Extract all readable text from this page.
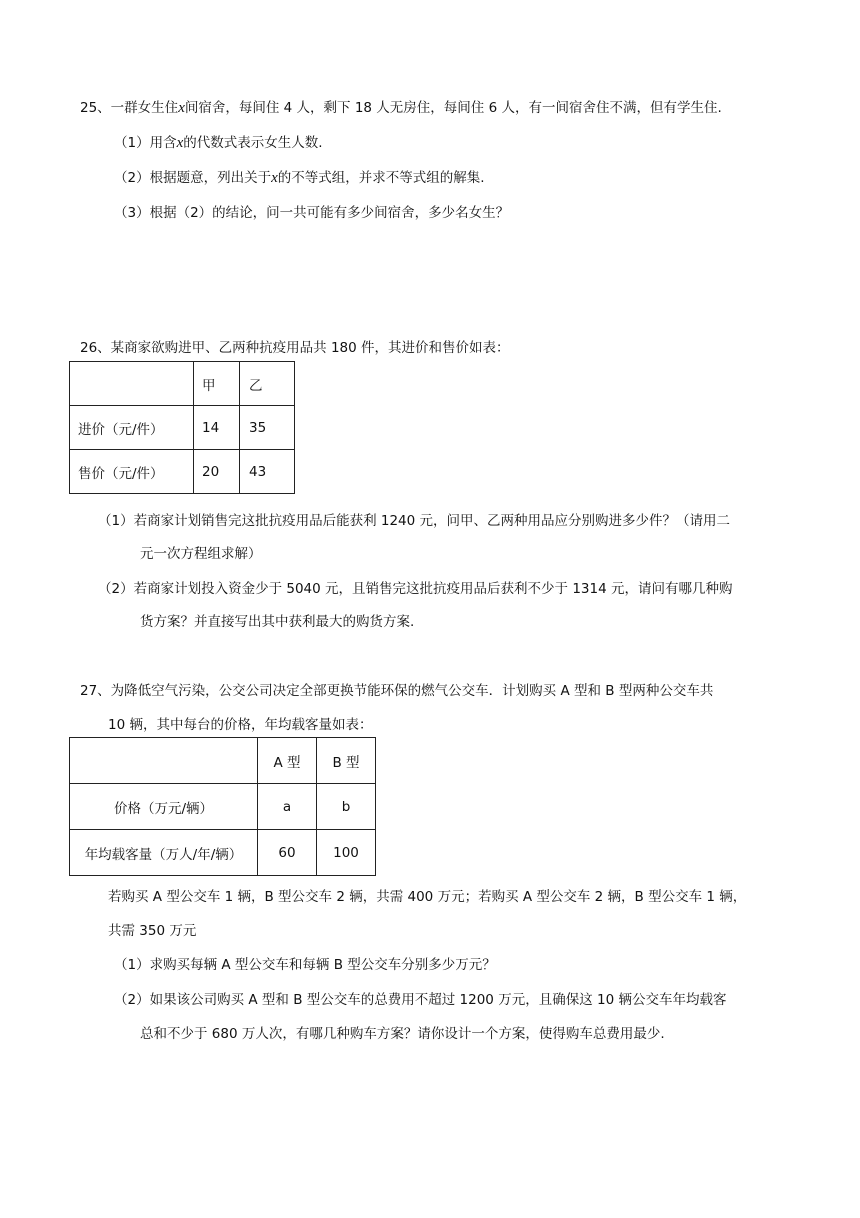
25、一群女生住x间宿舍，每间住 4 人，剩下 18 人无房住，每间住 6 人，有一间宿舍住不满，但有学生住.
（1）用含x的代数式表示女生人数.
（2）根据题意，列出关于x的不等式组，并求不等式组的解集.
（3）根据（2）的结论，问一共可能有多少间宿舍，多少名女生？
26、某商家欲购进甲、乙两种抗疫用品共 180 件，其进价和售价如表：
	甲	乙
进价（元/件）	14	35
售价（元/件）	20	43
（1）若商家计划销售完这批抗疫用品后能获利 1240 元，问甲、乙两种用品应分别购进多少件？（请用二
元一次方程组求解）
（2）若商家计划投入资金少于 5040 元，且销售完这批抗疫用品后获利不少于 1314 元，请问有哪几种购
货方案？并直接写出其中获利最大的购货方案.
27、为降低空气污染，公交公司决定全部更换节能环保的燃气公交车．计划购买 A 型和 B 型两种公交车共
10 辆，其中每台的价格，年均载客量如表：
	A 型	B 型
价格（万元/辆）	a	b
年均载客量（万人/年/辆）	60	100
若购买 A 型公交车 1 辆，B 型公交车 2 辆，共需 400 万元；若购买 A 型公交车 2 辆，B 型公交车 1 辆，
共需 350 万元
（1）求购买每辆 A 型公交车和每辆 B 型公交车分别多少万元？
（2）如果该公司购买 A 型和 B 型公交车的总费用不超过 1200 万元，且确保这 10 辆公交车年均载客
总和不少于 680 万人次，有哪几种购车方案？请你设计一个方案，使得购车总费用最少.
